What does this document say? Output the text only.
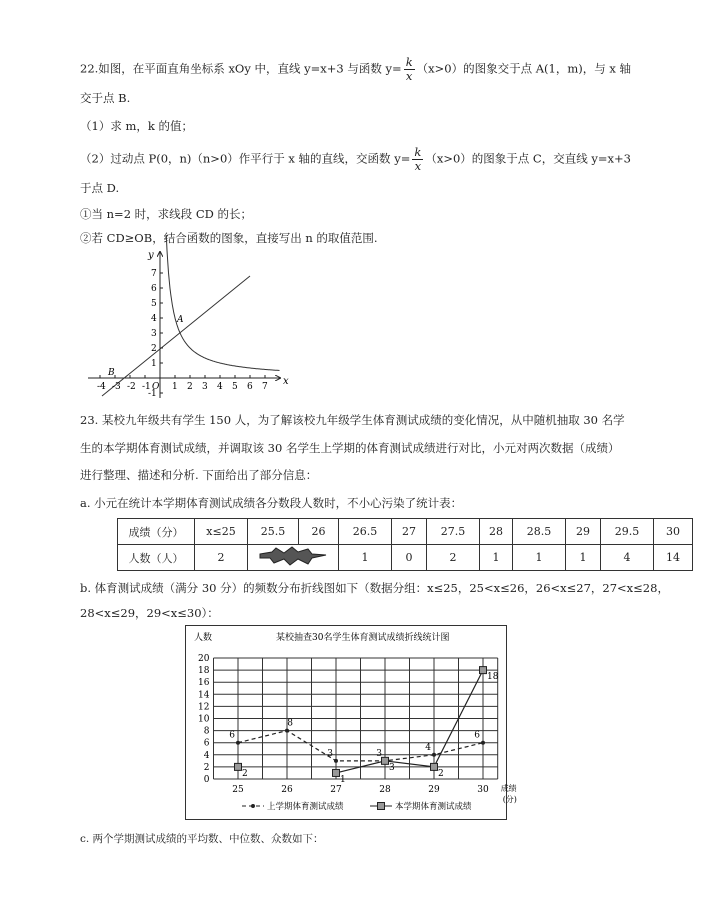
22.如图，在平面直角坐标系 xOy 中，直线 y=x+3 与函数 $y= \frac{k}{x} (x>0)$的图象交于点 A(1，m)，与 x 轴
交于点 B.
（1）求 m，k 的值；
（2）过动点 P(0，n)（n>0）作平行于 x 轴的直线，交函数 $y= \frac{k}{x} (x>0)$的图象于点 C，交直线 y=x+3
于点 D.
①当 n=2 时，求线段 CD 的长；
②若 CD≥OB，结合函数的图象，直接写出 n 的取值范围.
-4 -3 -2 -1 1 2 3 4 5 6 7
-1
1
2
3
4
5
6
7
x
y
O
A
B
23. 某校九年级共有学生 150 人，为了解该校九年级学生体育测试成绩的变化情况，从中随机抽取 30 名学
生的本学期体育测试成绩，并调取该 30 名学生上学期的体育测试成绩进行对比，小元对两次数据（成绩）
进行整理、描述和分析. 下面给出了部分信息：
a. 小元在统计本学期体育测试成绩各分数段人数时，不小心污染了统计表：
成绩（分）	x≤25	25.5	26	26.5	27	27.5	28	28.5	29	29.5	30
人数（人）	2			1	0	2	1	1	1	4	14
b. 体育测试成绩（满分 30 分）的频数分布折线图如下（数据分组：x≤25，25<x≤26，26<x≤27，27<x≤28，
28<x≤29，29<x≤30）：
人数	某校抽查30名学生体育测试成绩折线统计图
0
2
4
6
8
10
12
14
16
18
20
25	26	27	28	29	30 成绩
(分)
6
8
3	3
4
6
2
1
3
2
18
上学期体育测试成绩	本学期体育测试成绩
c. 两个学期测试成绩的平均数、中位数、众数如下：
